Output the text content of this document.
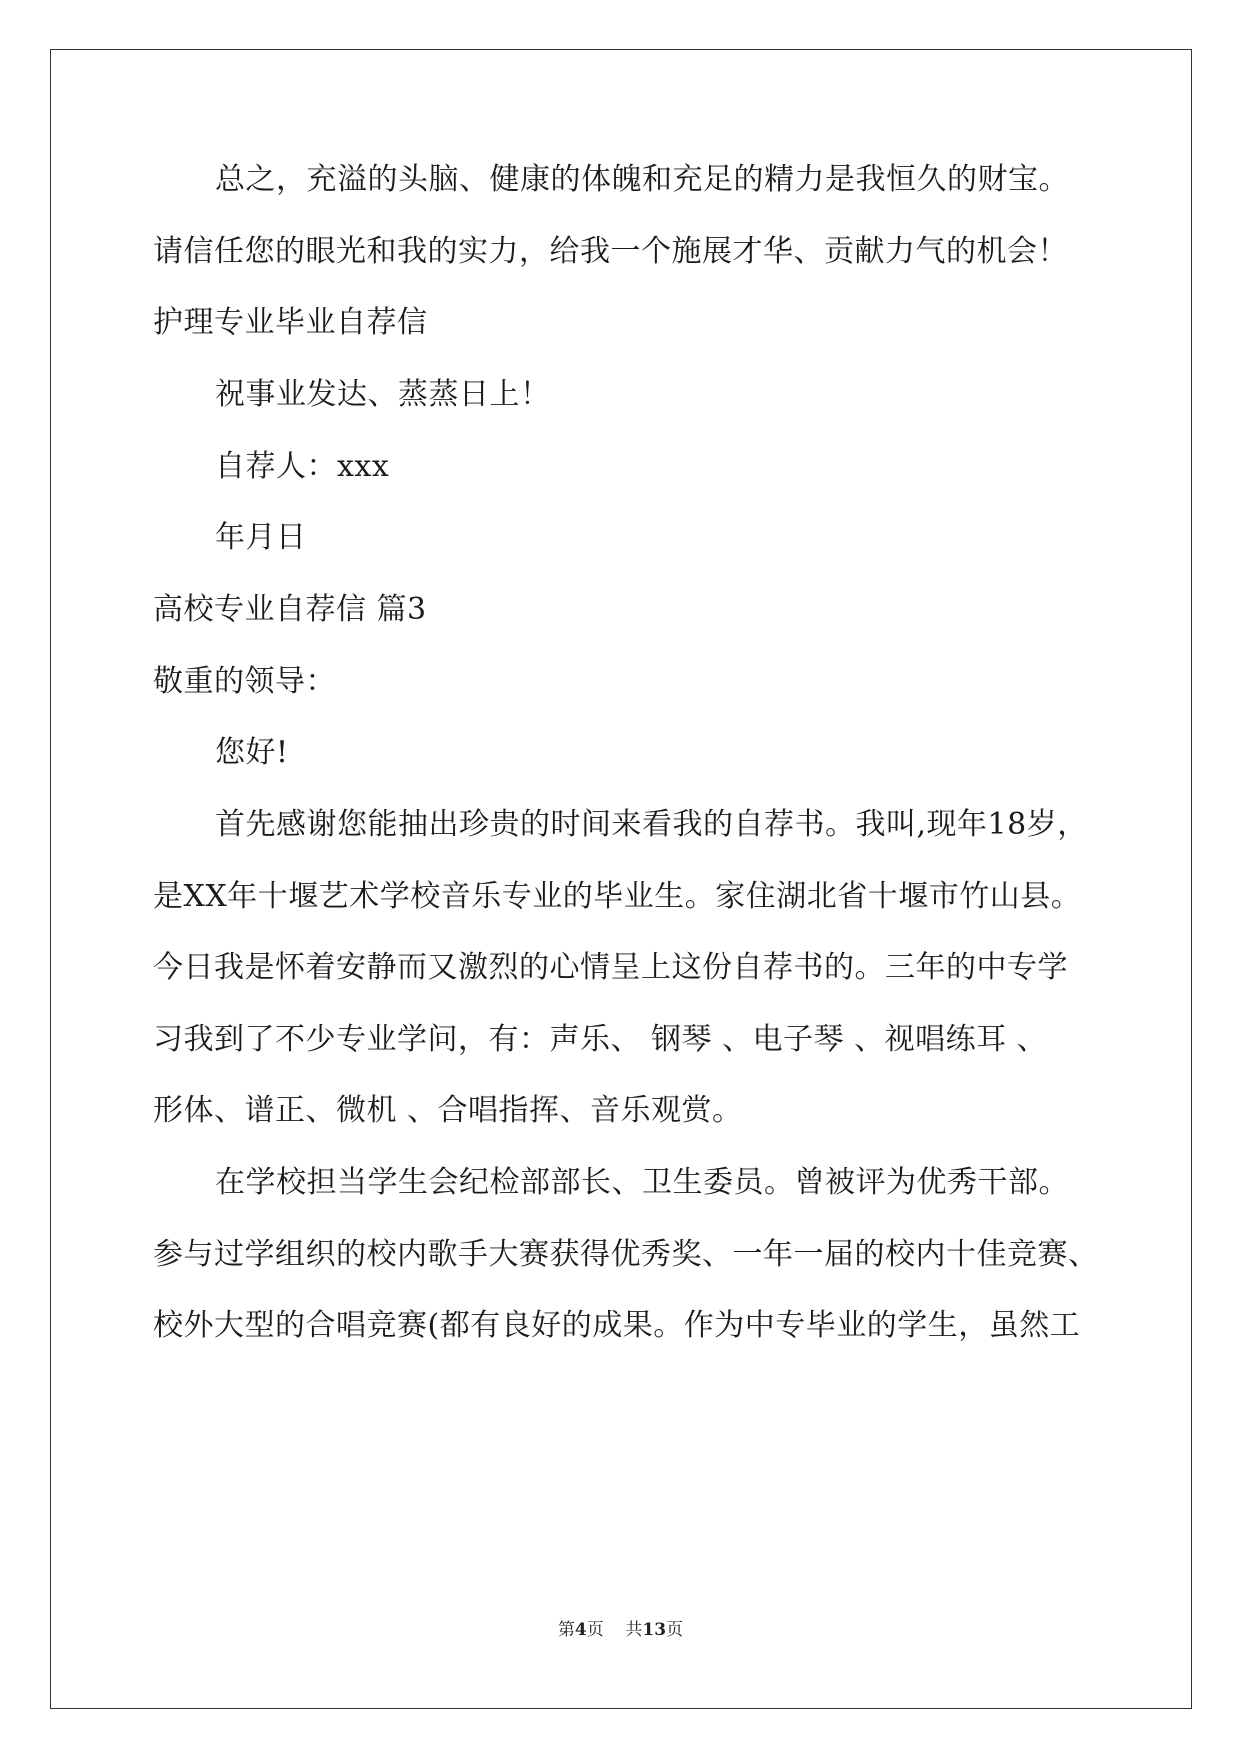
总之，充溢的头脑、健康的体魄和充足的精力是我恒久的财宝。
请信任您的眼光和我的实力，给我一个施展才华、贡献力气的机会！
护理专业毕业自荐信
祝事业发达、蒸蒸日上！
自荐人：xxx
年月日
高校专业自荐信 篇3
敬重的领导：
您好!
首先感谢您能抽出珍贵的时间来看我的自荐书。我叫,现年18岁，
是XX年十堰艺术学校音乐专业的毕业生。家住湖北省十堰市竹山县。
今日我是怀着安静而又激烈的心情呈上这份自荐书的。三年的中专学
习我到了不少专业学问，有：声乐、 钢琴 、电子琴 、视唱练耳 、
形体、谱正、微机 、合唱指挥、音乐观赏。
在学校担当学生会纪检部部长、卫生委员。曾被评为优秀干部。
参与过学组织的校内歌手大赛获得优秀奖、一年一届的校内十佳竞赛、
校外大型的合唱竞赛(都有良好的成果。作为中专毕业的学生，虽然工
第4页 共13页
